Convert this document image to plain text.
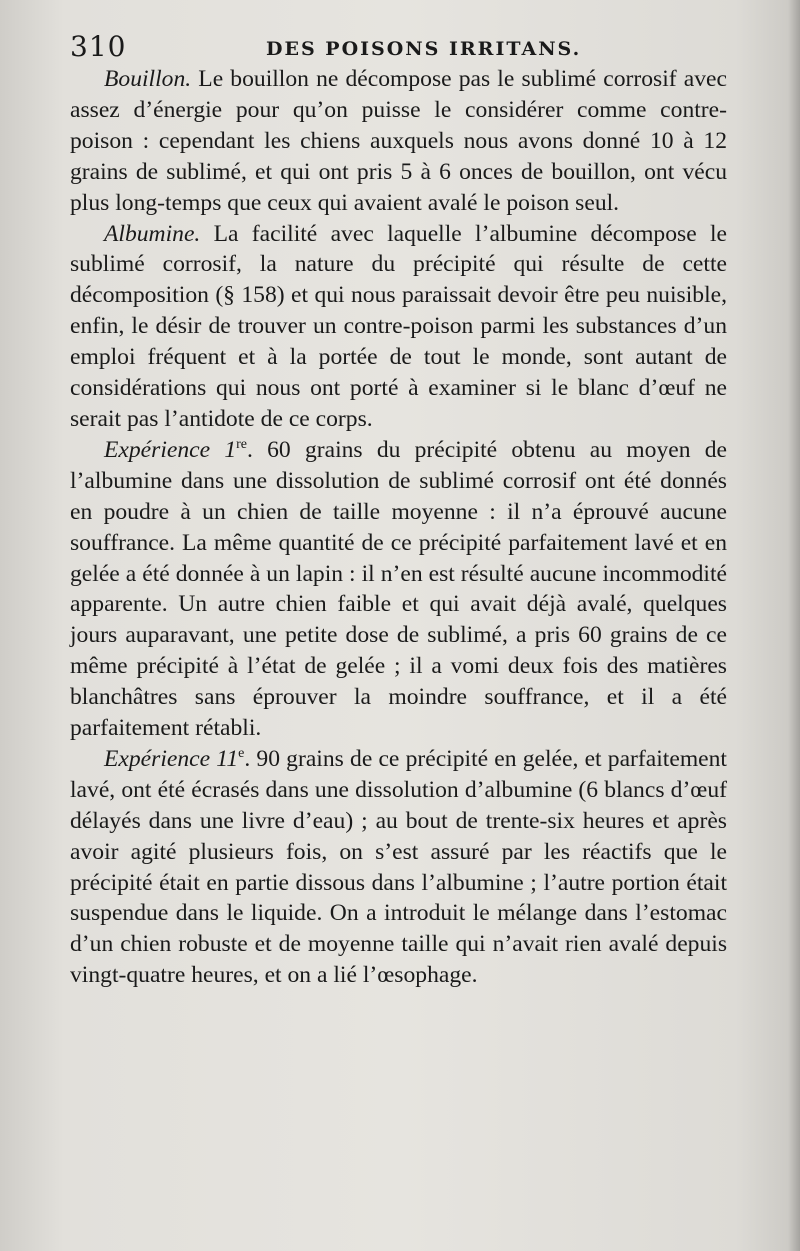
310	DES POISONS IRRITANS.

Bouillon. Le bouillon ne décompose pas le sublimé corrosif avec assez d’énergie pour qu’on puisse le considérer comme contre-poison : cependant les chiens auxquels nous avons donné 10 à 12 grains de sublimé, et qui ont pris 5 à 6 onces de bouillon, ont vécu plus long-temps que ceux qui avaient avalé le poison seul.

Albumine. La facilité avec laquelle l’albumine décompose le sublimé corrosif, la nature du précipité qui résulte de cette décomposition (§ 158) et qui nous paraissait devoir être peu nuisible, enfin, le désir de trouver un contre-poison parmi les substances d’un emploi fréquent et à la portée de tout le monde, sont autant de considérations qui nous ont porté à examiner si le blanc d’œuf ne serait pas l’antidote de ce corps.

Expérience 1re. 60 grains du précipité obtenu au moyen de l’albumine dans une dissolution de sublimé corrosif ont été donnés en poudre à un chien de taille moyenne : il n’a éprouvé aucune souffrance. La même quantité de ce précipité parfaitement lavé et en gelée a été donnée à un lapin : il n’en est résulté aucune incommodité apparente. Un autre chien faible et qui avait déjà avalé, quelques jours auparavant, une petite dose de sublimé, a pris 60 grains de ce même précipité à l’état de gelée ; il a vomi deux fois des matières blanchâtres sans éprouver la moindre souffrance, et il a été parfaitement rétabli.

Expérience 11e. 90 grains de ce précipité en gelée, et parfaitement lavé, ont été écrasés dans une dissolution d’albumine (6 blancs d’œuf délayés dans une livre d’eau) ; au bout de trente-six heures et après avoir agité plusieurs fois, on s’est assuré par les réactifs que le précipité était en partie dissous dans l’albumine ; l’autre portion était suspendue dans le liquide. On a introduit le mélange dans l’estomac d’un chien robuste et de moyenne taille qui n’avait rien avalé depuis vingt-quatre heures, et on a lié l’œsophage.
